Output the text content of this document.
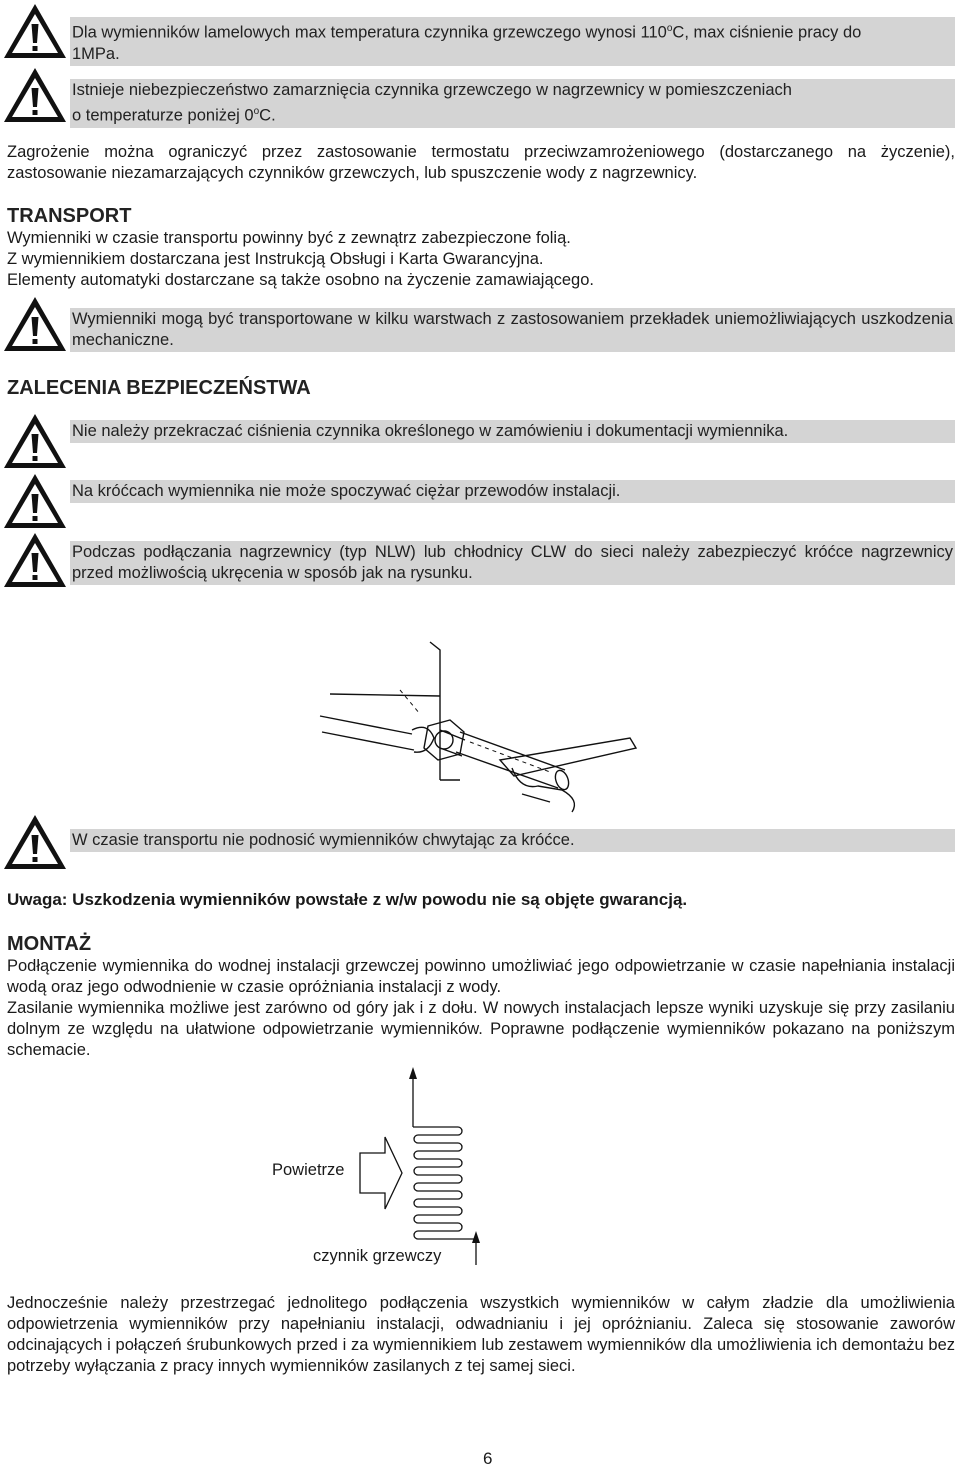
Dla wymienników lamelowych max temperatura czynnika grzewczego wynosi 110$^o$C, max ciśnienie pracy do
1MPa.
Istnieje niebezpieczeństwo zamarznięcia czynnika grzewczego w nagrzewnicy w pomieszczeniach
o temperaturze poniżej 0$^o$C.
Zagrożenie można ograniczyć przez zastosowanie termostatu przeciwzamrożeniowego (dostarczanego na życzenie), zastosowanie niezamarzających czynników grzewczych, lub spuszczenie wody z nagrzewnicy.
TRANSPORT
Wymienniki w czasie transportu powinny być z zewnątrz zabezpieczone folią.
Z wymiennikiem dostarczana jest Instrukcją Obsługi i Karta Gwarancyjna.
Elementy automatyki dostarczane są także osobno na życzenie zamawiającego.
Wymienniki mogą być transportowane w kilku warstwach z zastosowaniem przekładek uniemożliwiających uszkodzenia mechaniczne.
ZALECENIA BEZPIECZEŃSTWA
Nie należy przekraczać ciśnienia czynnika określonego w zamówieniu i dokumentacji wymiennika.
Na króćcach wymiennika nie może spoczywać ciężar przewodów instalacji.
Podczas podłączania nagrzewnicy (typ NLW) lub chłodnicy CLW do sieci należy zabezpieczyć króćce nagrzewnicy przed możliwością ukręcenia w sposób jak na rysunku.
W czasie transportu nie podnosić wymienników chwytając za króćce.
Uwaga: Uszkodzenia wymienników powstałe z w/w powodu nie są objęte gwarancją.
MONTAŻ
Podłączenie wymiennika do wodnej instalacji grzewczej powinno umożliwiać jego odpowietrzanie w czasie napełniania instalacji wodą oraz jego odwodnienie w czasie opróżniania instalacji z wody.
Zasilanie wymiennika możliwe jest zarówno od góry jak i z dołu. W nowych instalacjach lepsze wyniki uzyskuje się przy zasilaniu dolnym ze względu na ułatwione odpowietrzanie wymienników. Poprawne podłączenie wymienników pokazano na poniższym schemacie.
Powietrze
czynnik grzewczy
Jednocześnie należy przestrzegać jednolitego podłączenia wszystkich wymienników w całym zładzie dla umożliwienia odpowietrzenia wymienników przy napełnianiu instalacji, odwadnianiu i jej opróżnianiu. Zaleca się stosowanie zaworów odcinających i połączeń śrubunkowych przed i za wymiennikiem lub zestawem wymienników dla umożliwienia ich demontażu bez potrzeby wyłączania z pracy innych wymienników zasilanych z tej samej sieci.
6
